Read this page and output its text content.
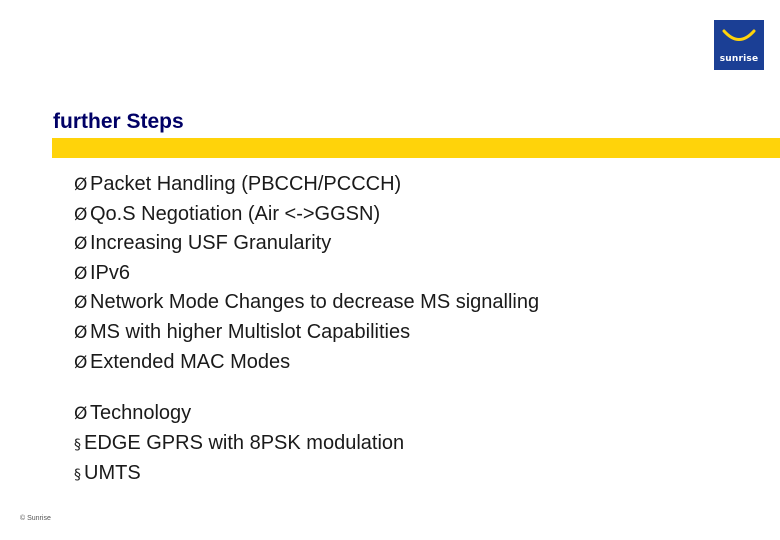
sunrise
further Steps
Ø Packet Handling (PBCCH/PCCCH)
Ø Qo.S Negotiation (Air <->GGSN)
Ø Increasing USF Granularity
Ø IPv6
Ø Network Mode Changes to decrease MS signalling
Ø MS with higher Multislot Capabilities
Ø Extended MAC Modes
Ø Technology
§ EDGE GPRS with 8PSK modulation
§ UMTS
© Sunrise
